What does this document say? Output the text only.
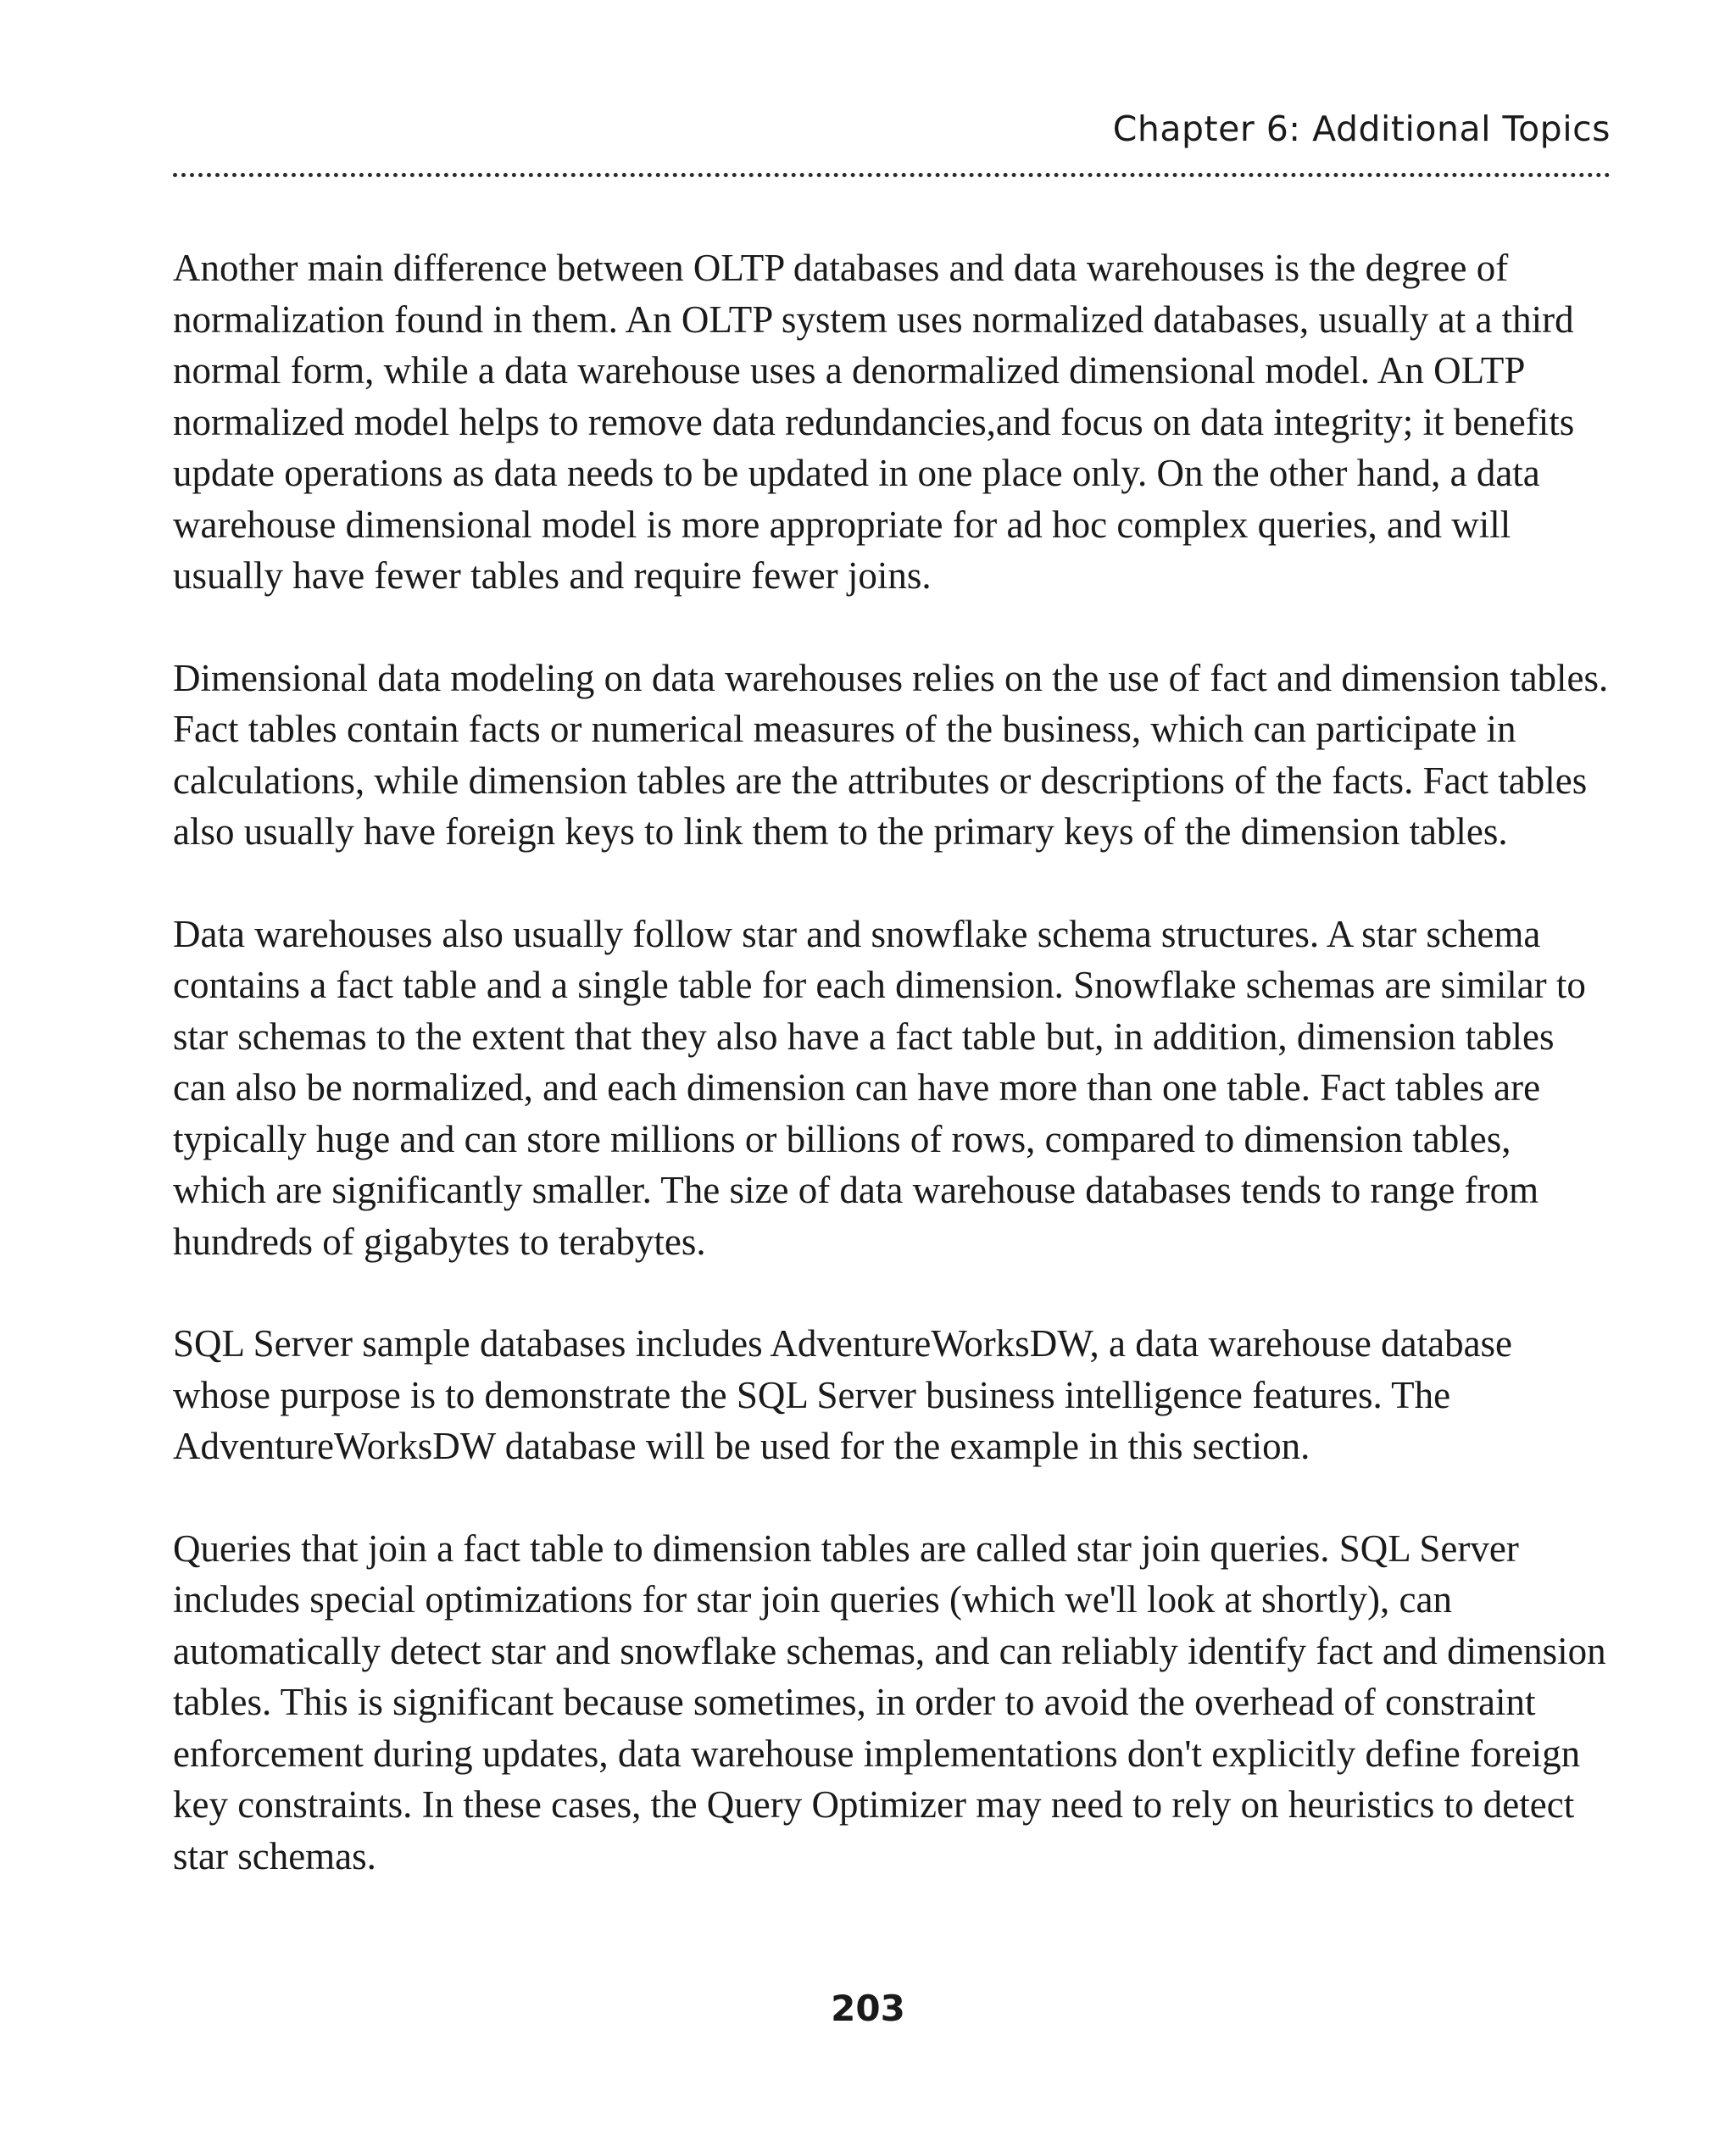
Chapter 6: Additional Topics

Another main difference between OLTP databases and data warehouses is the degree of normalization found in them. An OLTP system uses normalized databases, usually at a third normal form, while a data warehouse uses a denormalized dimensional model. An OLTP normalized model helps to remove data redundancies,and focus on data integrity; it benefits update operations as data needs to be updated in one place only. On the other hand, a data warehouse dimensional model is more appropriate for ad hoc complex queries, and will usually have fewer tables and require fewer joins.

Dimensional data modeling on data warehouses relies on the use of fact and dimension tables. Fact tables contain facts or numerical measures of the business, which can participate in calculations, while dimension tables are the attributes or descriptions of the facts. Fact tables also usually have foreign keys to link them to the primary keys of the dimension tables.

Data warehouses also usually follow star and snowflake schema structures. A star schema contains a fact table and a single table for each dimension. Snowflake schemas are similar to star schemas to the extent that they also have a fact table but, in addition, dimension tables can also be normalized, and each dimension can have more than one table. Fact tables are typically huge and can store millions or billions of rows, compared to dimension tables, which are significantly smaller. The size of data warehouse databases tends to range from hundreds of gigabytes to terabytes.

SQL Server sample databases includes AdventureWorksDW, a data warehouse database whose purpose is to demonstrate the SQL Server business intelligence features. The AdventureWorksDW database will be used for the example in this section.

Queries that join a fact table to dimension tables are called star join queries. SQL Server includes special optimizations for star join queries (which we'll look at shortly), can automatically detect star and snowflake schemas, and can reliably identify fact and dimension tables. This is significant because sometimes, in order to avoid the overhead of constraint enforcement during updates, data warehouse implementations don't explicitly define foreign key constraints. In these cases, the Query Optimizer may need to rely on heuristics to detect star schemas.

203
